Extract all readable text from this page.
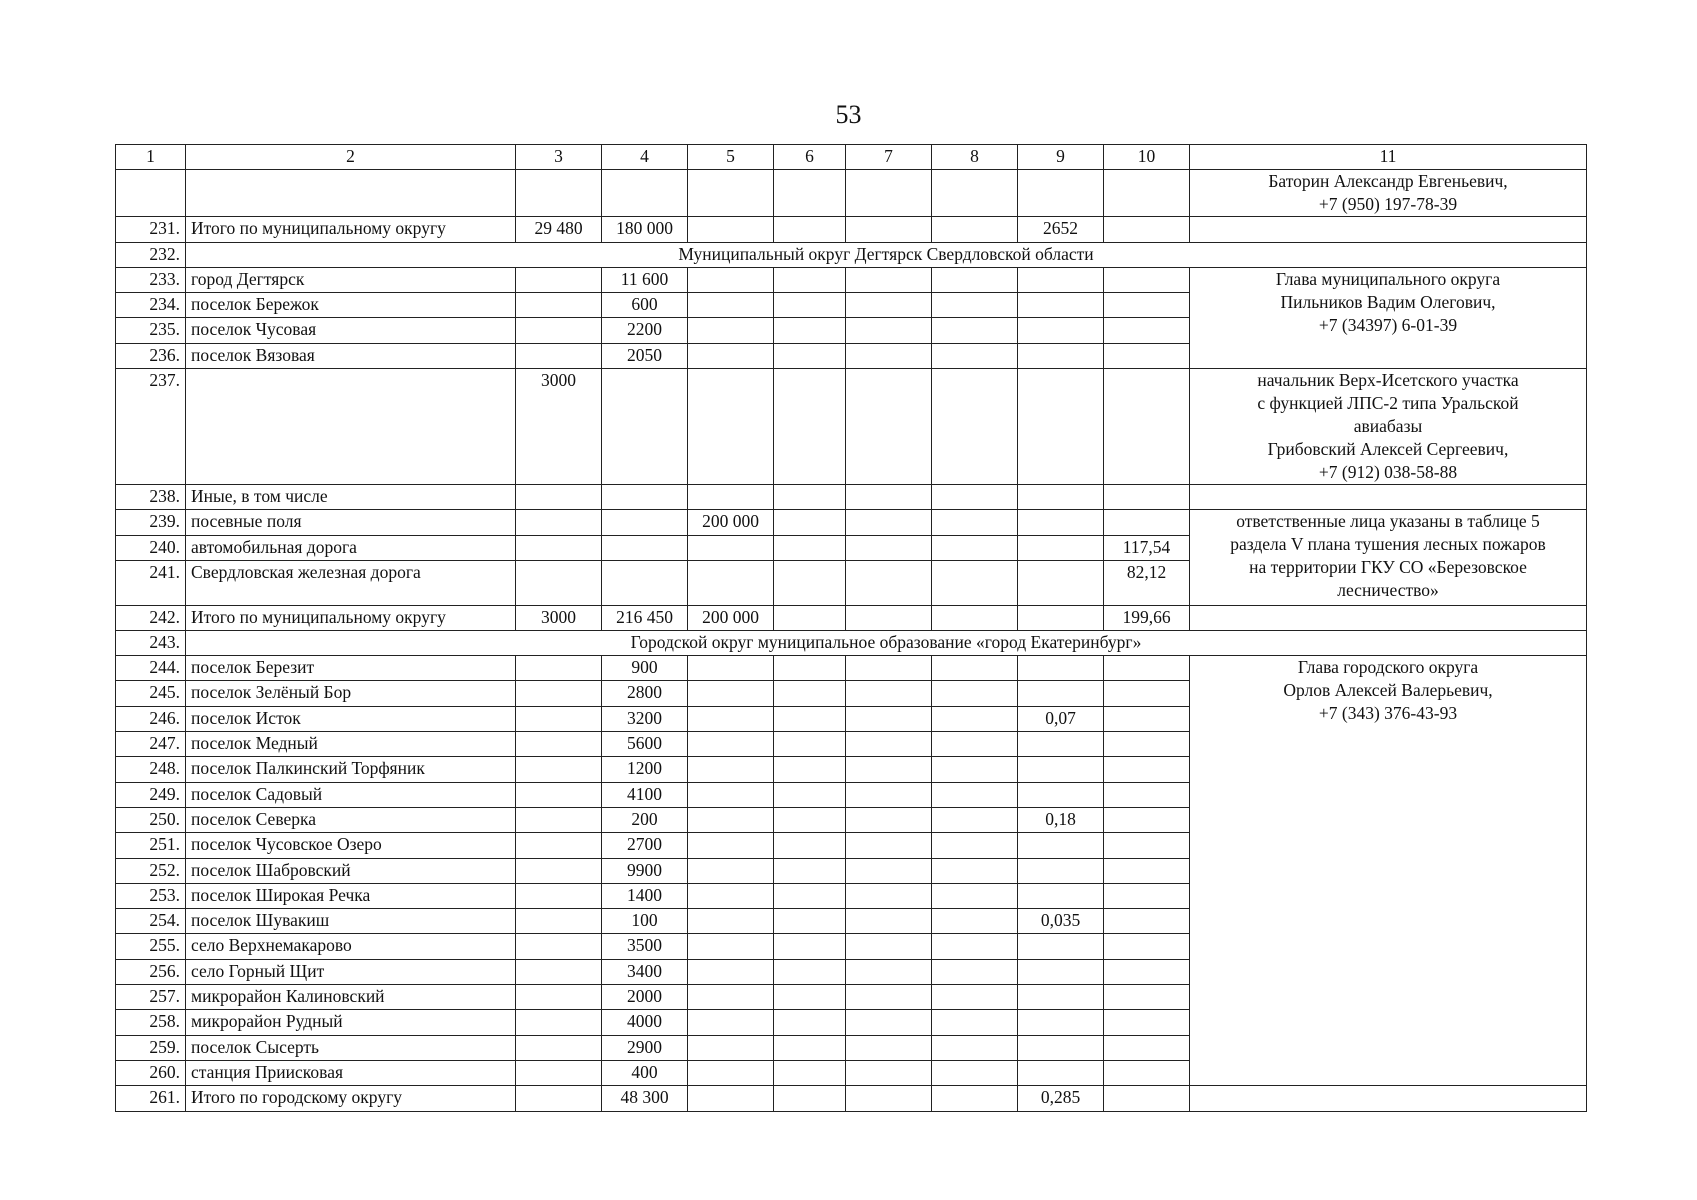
53
1	2	3	4	5	6	7	8	9	10	11

										Баторин Александр Евгеньевич,
+7 (950) 197-78-39

231.	Итого по муниципальному округу	29 480	180 000					2652		
232.	Муниципальный округ Дегтярск Свердловской области									
233.	город Дегтярск		11 600							Глава муниципального округа
Пильников Вадим Олегович,
+7 (34397) 6-01-39

234.	поселок Бережок		600							
235.	поселок Чусовая		2200							
236.	поселок Вязовая		2050							
237.		3000								начальник Верх-Исетского участка
с функцией ЛПС-2 типа Уральской
авиабазы
Грибовский Алексей Сергеевич,
+7 (912) 038-58-88

238.	Иные, в том числе									
239.	посевные поля			200 000						ответственные лица указаны в таблице 5
раздела V плана тушения лесных пожаров
на территории ГКУ СО «Березовское
лесничество»

240.	автомобильная дорога								117,54	
241.	Свердловская железная дорога								82,12	
242.	Итого по муниципальному округу	3000	216 450	200 000					199,66	
243.	Городской округ муниципальное образование «город Екатеринбург»									
244.	поселок Березит		900							Глава городского округа
Орлов Алексей Валерьевич,
+7 (343) 376-43-93

245.	поселок Зелёный Бор		2800							
246.	поселок Исток		3200					0,07		
247.	поселок Медный		5600							
248.	поселок Палкинский Торфяник		1200							
249.	поселок Садовый		4100							
250.	поселок Северка		200					0,18		
251.	поселок Чусовское Озеро		2700							
252.	поселок Шабровский		9900							
253.	поселок Широкая Речка		1400							
254.	поселок Шувакиш		100					0,035		
255.	село Верхнемакарово		3500							
256.	село Горный Щит		3400							
257.	микрорайон Калиновский		2000							
258.	микрорайон Рудный		4000							
259.	поселок Сысерть		2900							
260.	станция Приисковая		400							
261.	Итого по городскому округу		48 300					0,285		
